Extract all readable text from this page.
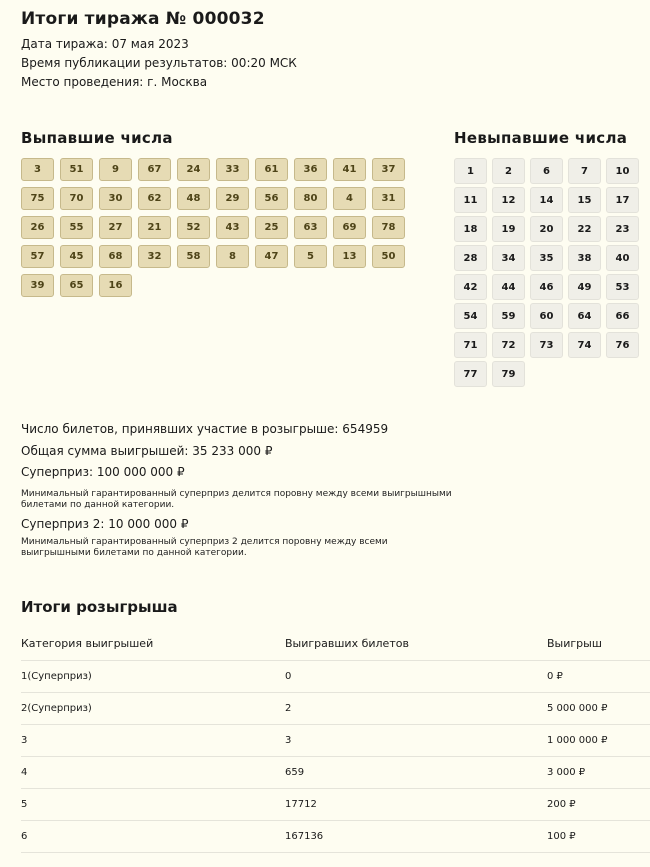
Итоги тиража № 000032
Дата тиража: 07 мая 2023
Время публикации результатов: 00:20 МСК
Место проведения: г. Москва
Выпавшие числа	Невыпавшие числа
3	51	9	67	24	33	61	36	41	37
75	70	30	62	48	29	56	80	4	31
26	55	27	21	52	43	25	63	69	78
57	45	68	32	58	8	47	5	13	50
39	65	16
1	2	6	7	10
11	12	14	15	17
18	19	20	22	23
28	34	35	38	40
42	44	46	49	53
54	59	60	64	66
71	72	73	74	76
77	79
Число билетов, принявших участие в розыгрыше: 654959
Общая сумма выигрышей: 35 233 000 ₽
Суперприз: 100 000 000 ₽
Минимальный гарантированный суперприз делится поровну между всеми выигрышными билетами по данной категории.
Суперприз 2: 10 000 000 ₽
Минимальный гарантированный суперприз 2 делится поровну между всеми выигрышными билетами по данной категории.
Итоги розыгрыша
Категория выигрышей	Выигравших билетов	Выигрыш
1(Суперприз)	0	0 ₽
2(Суперприз)	2	5 000 000 ₽
3	3	1 000 000 ₽
4	659	3 000 ₽
5	17712	200 ₽
6	167136	100 ₽
